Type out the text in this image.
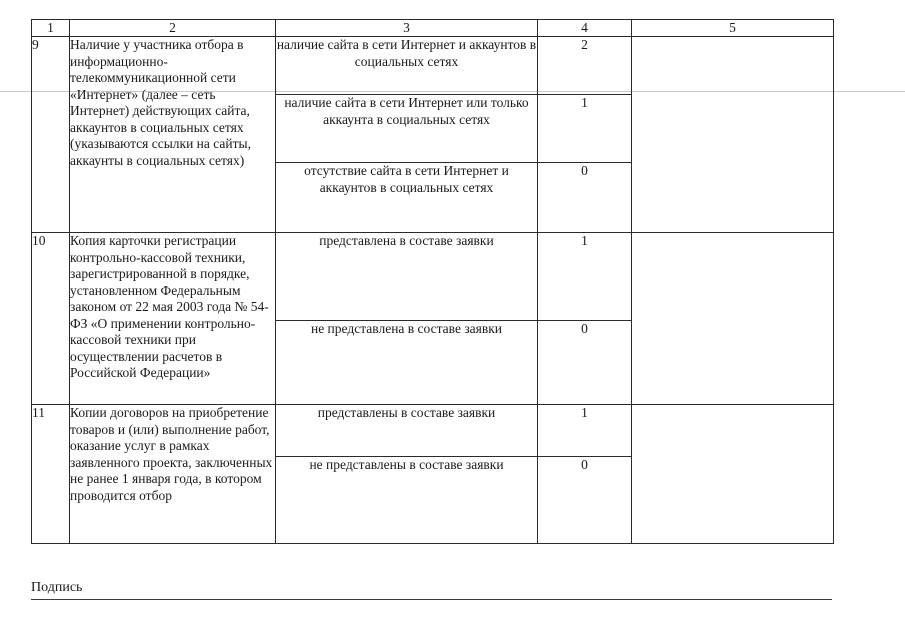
1	2	3	4	5
9	Наличие у участника отбора в информационно-телекоммуникационной сети «Интернет» (далее – сеть Интернет) действующих сайта, аккаунтов в социальных сетях (указываются ссылки на сайты, аккаунты в социальных сетях)	наличие сайта в сети Интернет и аккаунтов в социальных сетях	2	
		наличие сайта в сети Интернет или только аккаунта в социальных сетях	1	
		отсутствие сайта в сети Интернет и аккаунтов в социальных сетях	0	
10	Копия карточки регистрации контрольно-кассовой техники, зарегистрированной в порядке, установленном Федеральным законом от 22 мая 2003 года № 54-ФЗ «О применении контрольно-кассовой техники при осуществлении расчетов в Российской Федерации»	представлена в составе заявки	1	
		не представлена в составе заявки	0	
11	Копии договоров на приобретение товаров и (или) выполнение работ, оказание услуг в рамках заявленного проекта, заключенных не ранее 1 января года, в котором проводится отбор	представлены в составе заявки	1	
		не представлены в составе заявки	0	
Подпись
